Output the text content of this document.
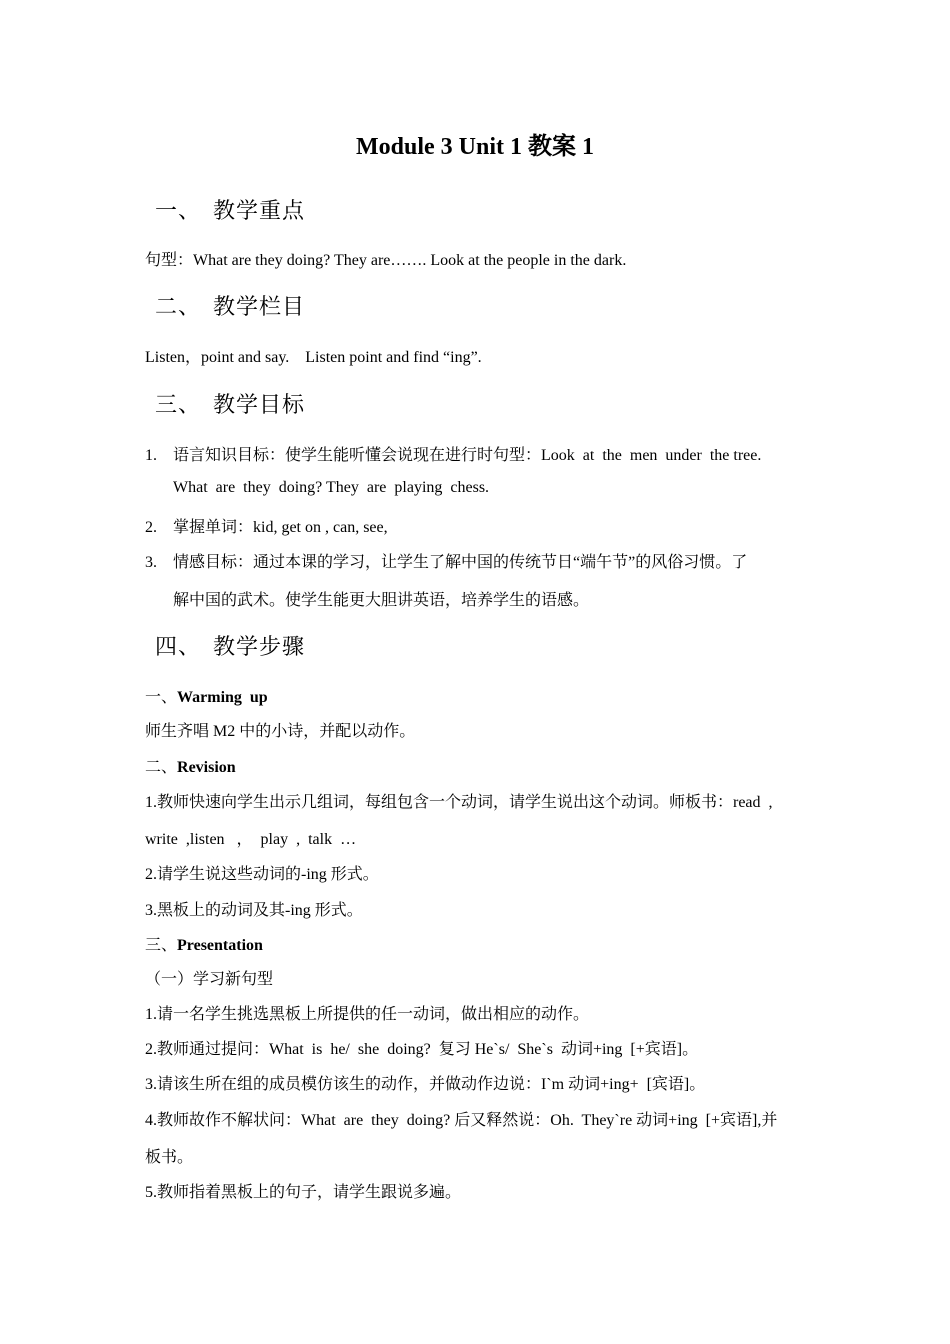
Module 3 Unit 1 教案 1
一、 教学重点
句型：What are they doing? They are……. Look at the people in the dark.
二、 教学栏目
Listen，point and say.    Listen point and find “ing”.
三、 教学目标
1. 语言知识目标：使学生能听懂会说现在进行时句型：Look  at  the  men  under  the tree.
What  are  they  doing? They  are  playing  chess.
2. 掌握单词：kid, get on , can, see,
3. 情感目标：通过本课的学习，让学生了解中国的传统节日“端午节”的风俗习惯。了
解中国的武术。使学生能更大胆讲英语，培养学生的语感。
四、 教学步骤
一、Warming  up
师生齐唱 M2 中的小诗，并配以动作。
二、Revision
1.教师快速向学生出示几组词，每组包含一个动词，请学生说出这个动词。师板书：read  ,
write  ,listen   ，  play  ,  talk  …
2.请学生说这些动词的-ing 形式。
3.黑板上的动词及其-ing 形式。
三、Presentation
（一）学习新句型
1.请一名学生挑选黑板上所提供的任一动词，做出相应的动作。
2.教师通过提问：What  is  he/  she  doing?  复习 He`s/  She`s  动词+ing  [+宾语]。
3.请该生所在组的成员模仿该生的动作，并做动作边说：I`m 动词+ing+  [宾语]。
4.教师故作不解状问：What  are  they  doing? 后又释然说：Oh.  They`re 动词+ing  [+宾语],并
板书。
5.教师指着黑板上的句子，请学生跟说多遍。
